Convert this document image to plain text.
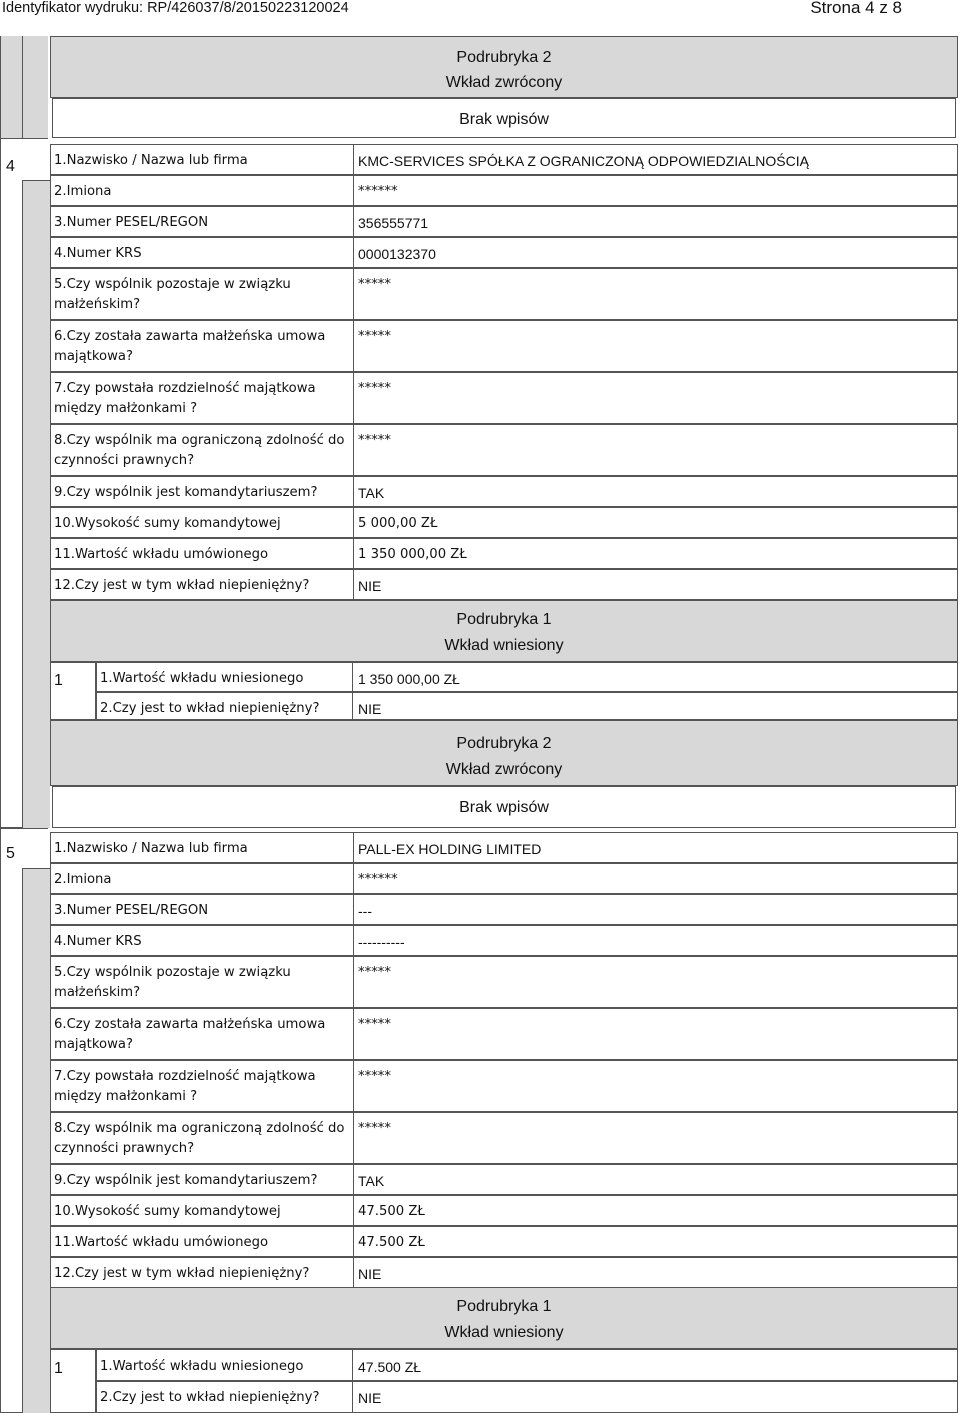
Identyfikator wydruku: RP/426037/8/20150223120024	Strona 4 z 8
Podrubryka 2
Wkład zwrócony
Brak wpisów
4	1.Nazwisko / Nazwa lub firma	KMC-SERVICES SPÓŁKA Z OGRANICZONĄ ODPOWIEDZIALNOŚCIĄ
2.Imiona	******
3.Numer PESEL/REGON	356555771
4.Numer KRS	0000132370
5.Czy wspólnik pozostaje w związku małżeńskim?
*****
6.Czy została zawarta małżeńska umowa majątkowa?
*****
7.Czy powstała rozdzielność majątkowa między małżonkami ?
*****
8.Czy wspólnik ma ograniczoną zdolność do czynności prawnych?
*****
9.Czy wspólnik jest komandytariuszem?	TAK
10.Wysokość sumy komandytowej	5 000,00 ZŁ
11.Wartość wkładu umówionego	1 350 000,00 ZŁ
12.Czy jest w tym wkład niepieniężny?	NIE
Podrubryka 1
Wkład wniesiony
1	1.Wartość wkładu wniesionego	1 350 000,00 ZŁ
2.Czy jest to wkład niepieniężny?	NIE
Podrubryka 2
Wkład zwrócony
Brak wpisów
5	1.Nazwisko / Nazwa lub firma	PALL-EX HOLDING LIMITED
2.Imiona	******
3.Numer PESEL/REGON	---
4.Numer KRS	----------
5.Czy wspólnik pozostaje w związku małżeńskim?
*****
6.Czy została zawarta małżeńska umowa majątkowa?
*****
7.Czy powstała rozdzielność majątkowa między małżonkami ?
*****
8.Czy wspólnik ma ograniczoną zdolność do czynności prawnych?
*****
9.Czy wspólnik jest komandytariuszem?	TAK
10.Wysokość sumy komandytowej	47.500 ZŁ
11.Wartość wkładu umówionego	47.500 ZŁ
12.Czy jest w tym wkład niepieniężny?	NIE
Podrubryka 1
Wkład wniesiony
1	1.Wartość wkładu wniesionego	47.500 ZŁ
2.Czy jest to wkład niepieniężny?	NIE
